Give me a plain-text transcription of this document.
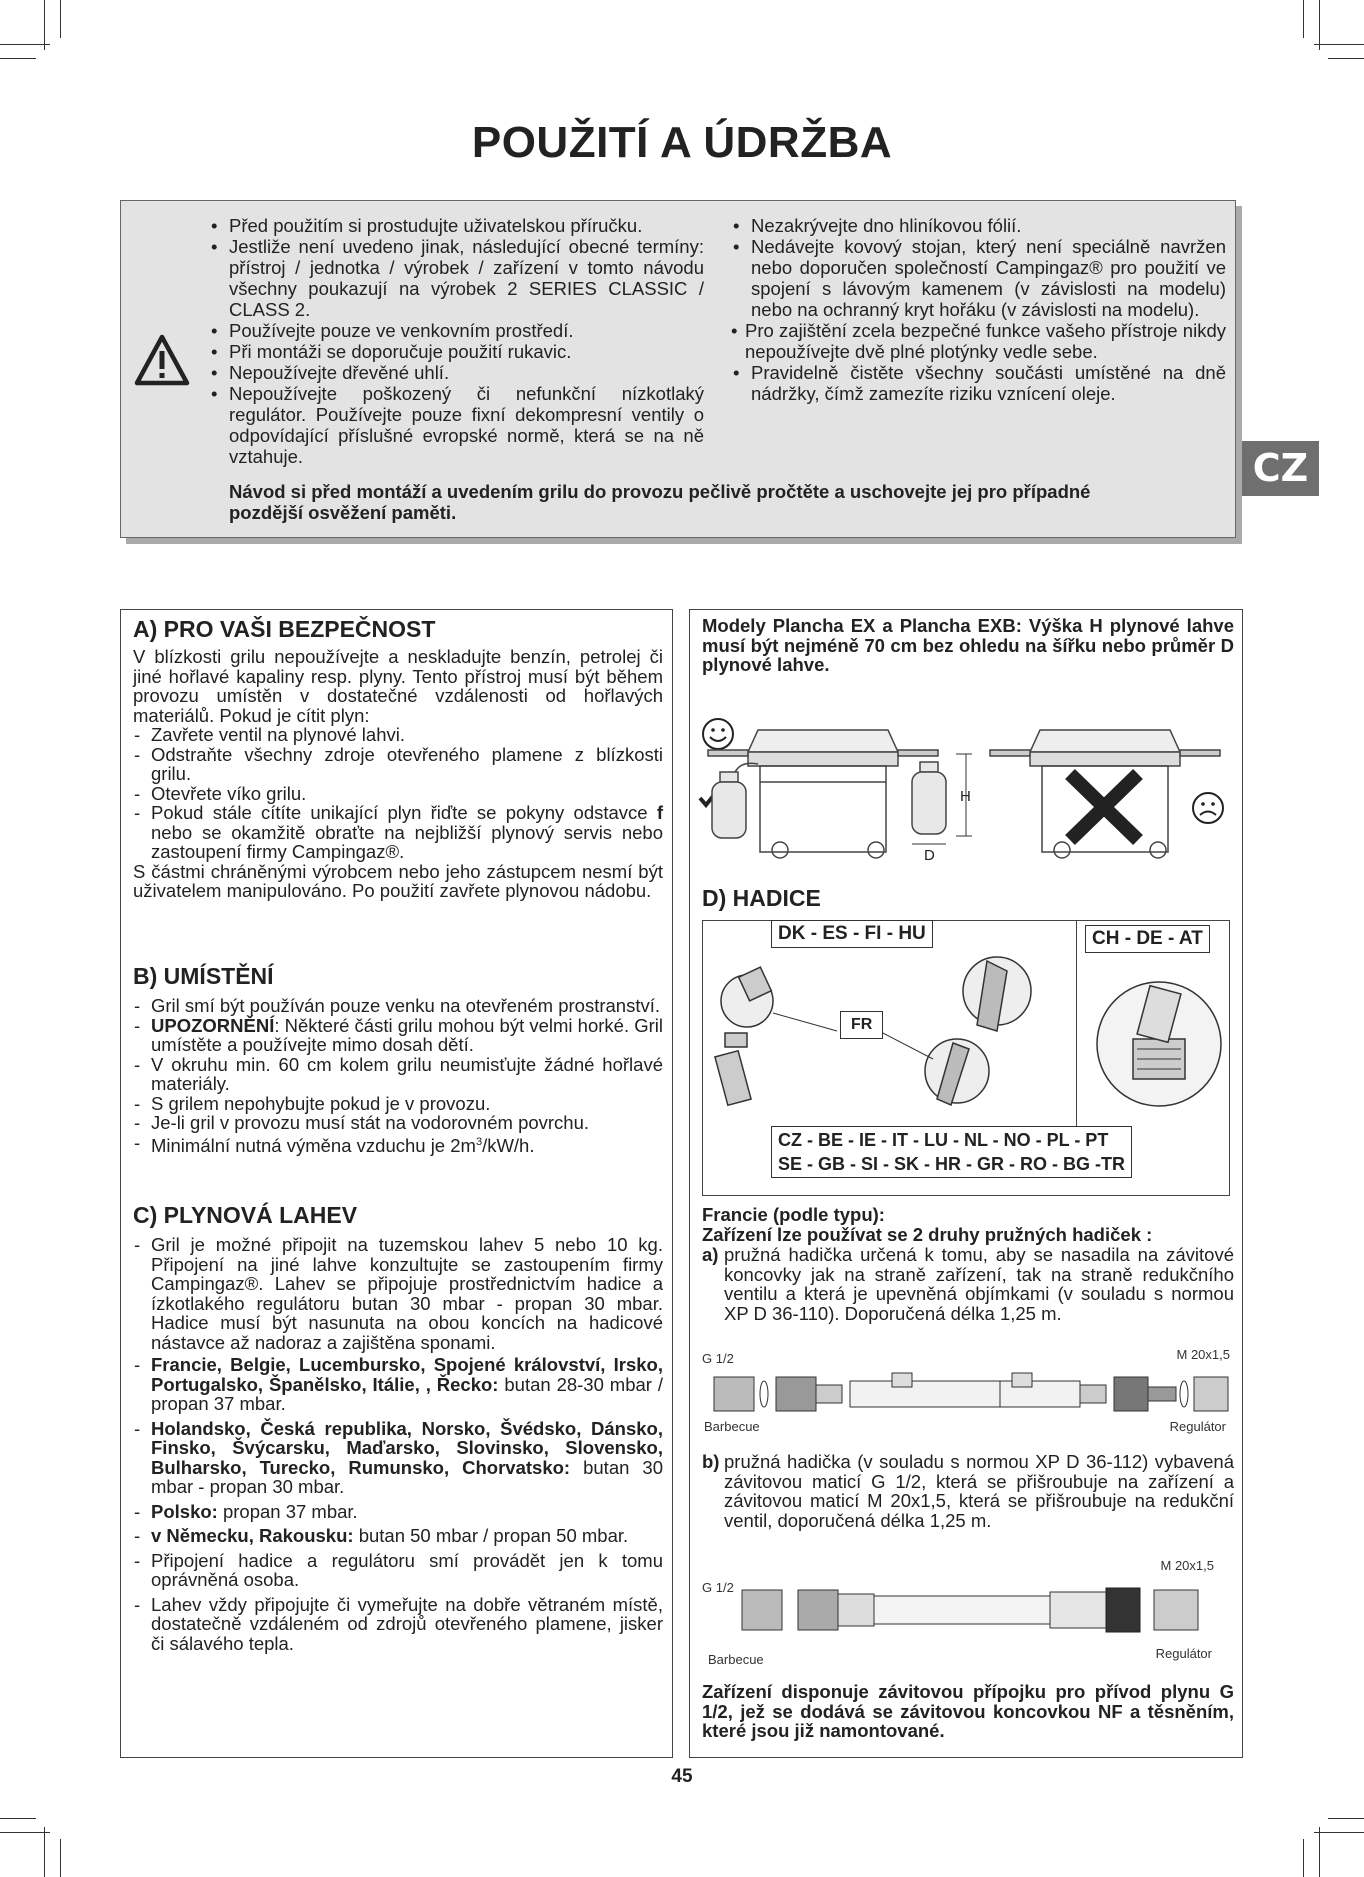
POUŽITÍ A ÚDRŽBA
• Před použitím si prostudujte uživatelskou příručku.
• Jestliže není uvedeno jinak, následující obecné termíny: přístroj / jednotka / výrobek / zařízení v tomto návodu všechny poukazují na výrobek 2 SERIES CLASSIC / CLASS 2.
• Používejte pouze ve venkovním prostředí.
• Při montáži se doporučuje použití rukavic.
• Nepoužívejte dřevěné uhlí.
• Nepoužívejte poškozený či nefunkční nízkotlaký regulátor. Používejte pouze fixní dekompresní ventily o odpovídající příslušné evropské normě, která se na ně vztahuje.
• Nezakrývejte dno hliníkovou fólií.
• Nedávejte kovový stojan, který není speciálně navržen nebo doporučen společností Campingaz® pro použití ve spojení s lávovým kamenem (v závislosti na modelu) nebo na ochranný kryt hořáku (v závislosti na modelu).
• Pro zajištění zcela bezpečné funkce vašeho přístroje nikdy nepoužívejte dvě plné plotýnky vedle sebe.
• Pravidelně čistěte všechny součásti umístěné na dně nádržky, čímž zamezíte riziku vznícení oleje.
Návod si před montáží a uvedením grilu do provozu pečlivě pročtěte a uschovejte jej pro případné pozdější osvěžení paměti.
CZ
A) PRO VAŠI BEZPEČNOST
V blízkosti grilu nepoužívejte a neskladujte benzín, petrolej či jiné hořlavé kapaliny resp. plyny. Tento přístroj musí být během provozu umístěn v dostatečné vzdálenosti od hořlavých materiálů. Pokud je cítit plyn:
- Zavřete ventil na plynové lahvi.
- Odstraňte všechny zdroje otevřeného plamene z blízkosti grilu.
- Otevřete víko grilu.
- Pokud stále cítíte unikající plyn řiďte se pokyny odstavce f nebo se okamžitě obraťte na nejbližší plynový servis nebo zastoupení firmy Campingaz®.
S částmi chráněnými výrobcem nebo jeho zástupcem nesmí být uživatelem manipulováno. Po použití zavřete plynovou nádobu.
B) UMÍSTĚNÍ
- Gril smí být používán pouze venku na otevřeném prostranství.
- UPOZORNĚNÍ: Některé části grilu mohou být velmi horké. Gril umístěte a používejte mimo dosah dětí.
- V okruhu min. 60 cm kolem grilu neumisťujte žádné hořlavé materiály.
- S grilem nepohybujte pokud je v provozu.
- Je-li gril v provozu musí stát na vodorovném povrchu.
- Minimální nutná výměna vzduchu je $2m^3/kW/h$.
C) PLYNOVÁ LAHEV
- Gril je možné připojit na tuzemskou lahev 5 nebo 10 kg. Připojení na jiné lahve konzultujte se zastoupením firmy Campingaz®. Lahev se připojuje prostřednictvím hadice a ízkotlakého regulátoru butan 30 mbar - propan 30 mbar. Hadice musí být nasunuta na obou koncích na hadicové nástavce až nadoraz a zajištěna sponami.
- Francie, Belgie, Lucembursko, Spojené království, Irsko, Portugalsko, Španělsko, Itálie, , Řecko: butan 28-30 mbar / propan 37 mbar.
- Holandsko, Česká republika, Norsko, Švédsko, Dánsko, Finsko, Švýcarsku, Maďarsko, Slovinsko, Slovensko, Bulharsko, Turecko, Rumunsko, Chorvatsko: butan 30 mbar - propan 30 mbar.
- Polsko: propan 37 mbar.
- v Německu, Rakousku: butan 50 mbar / propan 50 mbar.
- Připojení hadice a regulátoru smí provádět jen k tomu oprávněná osoba.
- Lahev vždy připojujte či vymeřujte na dobře větraném místě, dostatečně vzdáleném od zdrojů otevřeného plamene, jisker či sálavého tepla.
Modely Plancha EX a Plancha EXB: Výška H plynové lahve musí být nejméně 70 cm bez ohledu na šířku nebo průměr D plynové lahve.
H
D
D) HADICE
DK - ES - FI - HU	CH - DE - AT
FR
CZ - BE - IE - IT - LU - NL - NO - PL - PT
SE - GB - SI - SK - HR - GR - RO - BG -TR
Francie (podle typu):
Zařízení lze používat se 2 druhy pružných hadiček :
a) pružná hadička určená k tomu, aby se nasadila na závitové koncovky jak na straně zařízení, tak na straně redukčního ventilu a která je upevněná objímkami (v souladu s normou XP D 36-110). Doporučená délka 1,25 m.
G 1/2	M 20x1,5
Barbecue	Regulátor
b) pružná hadička (v souladu s normou XP D 36-112) vybavená závitovou maticí G 1/2, která se přišroubuje na zařízení a závitovou maticí M 20x1,5, která se přišroubuje na redukční ventil, doporučená délka 1,25 m.
G 1/2
M 20x1,5
Barbecue	Regulátor
Zařízení disponuje závitovou přípojku pro přívod plynu G 1/2, jež se dodává se závitovou koncovkou NF a těsněním, které jsou již namontované.
45
